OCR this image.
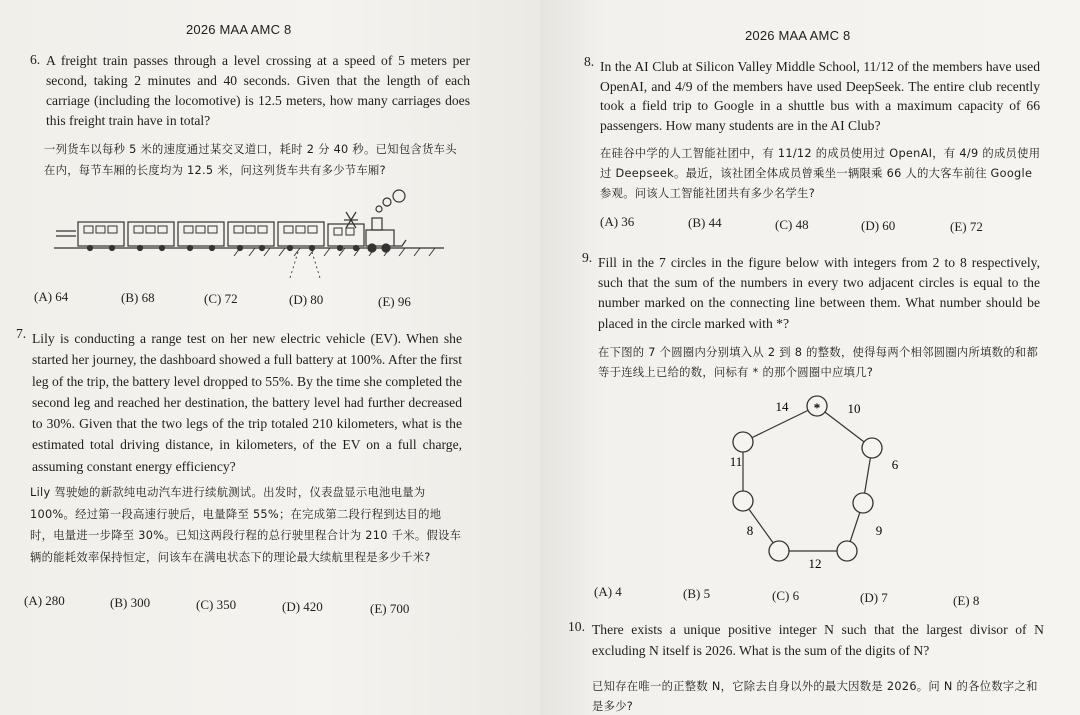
2026 MAA AMC 8
6. A freight train passes through a level crossing at a speed of 5 meters per second, taking 2 minutes and 40 seconds. Given that the length of each carriage (including the locomotive) is 12.5 meters, how many carriages does this freight train have in total?
一列货车以每秒 5 米的速度通过某交叉道口，耗时 2 分 40 秒。已知包含货车头在内，每节车厢的长度均为 12.5 米，问这列货车共有多少节车厢?
(A) 64	(B) 68	(C) 72	(D) 80	(E) 96
7. Lily is conducting a range test on her new electric vehicle (EV). When she started her journey, the dashboard showed a full battery at 100%. After the first leg of the trip, the battery level dropped to 55%. By the time she completed the second leg and reached her destination, the battery level had further decreased to 30%. Given that the two legs of the trip totaled 210 kilometers, what is the estimated total driving distance, in kilometers, of the EV on a full charge, assuming constant energy efficiency?
Lily 驾驶她的新款纯电动汽车进行续航测试。出发时，仪表盘显示电池电量为 100%。经过第一段高速行驶后，电量降至 55%；在完成第二段行程到达目的地时，电量进一步降至 30%。已知这两段行程的总行驶里程合计为 210 千米。假设车辆的能耗效率保持恒定，问该车在满电状态下的理论最大续航里程是多少千米?
(A) 280	(B) 300	(C) 350	(D) 420	(E) 700
2026 MAA AMC 8
8. In the AI Club at Silicon Valley Middle School, 11/12 of the members have used OpenAI, and 4/9 of the members have used DeepSeek. The entire club recently took a field trip to Google in a shuttle bus with a maximum capacity of 66 passengers. How many students are in the AI Club?
在硅谷中学的人工智能社团中，有 11/12 的成员使用过 OpenAI，有 4/9 的成员使用过 Deepseek。最近，该社团全体成员曾乘坐一辆限乘 66 人的大客车前往 Google 参观。问该人工智能社团共有多少名学生?
(A) 36	(B) 44	(C) 48	(D) 60	(E) 72
9. Fill in the 7 circles in the figure below with integers from 2 to 8 respectively, such that the sum of the numbers in every two adjacent circles is equal to the number marked on the connecting line between them. What number should be placed in the circle marked with *?
在下图的 7 个圆圈内分别填入从 2 到 8 的整数，使得每两个相邻圆圈内所填数的和都等于连线上已给的数，问标有 * 的那个圆圈中应填几?
*
14	10
6
9
12
8
11
(A) 4	(B) 5	(C) 6	(D) 7	(E) 8
10. There exists a unique positive integer N such that the largest divisor of N excluding N itself is 2026. What is the sum of the digits of N?
已知存在唯一的正整数 N，它除去自身以外的最大因数是 2026。问 N 的各位数字之和是多少?
